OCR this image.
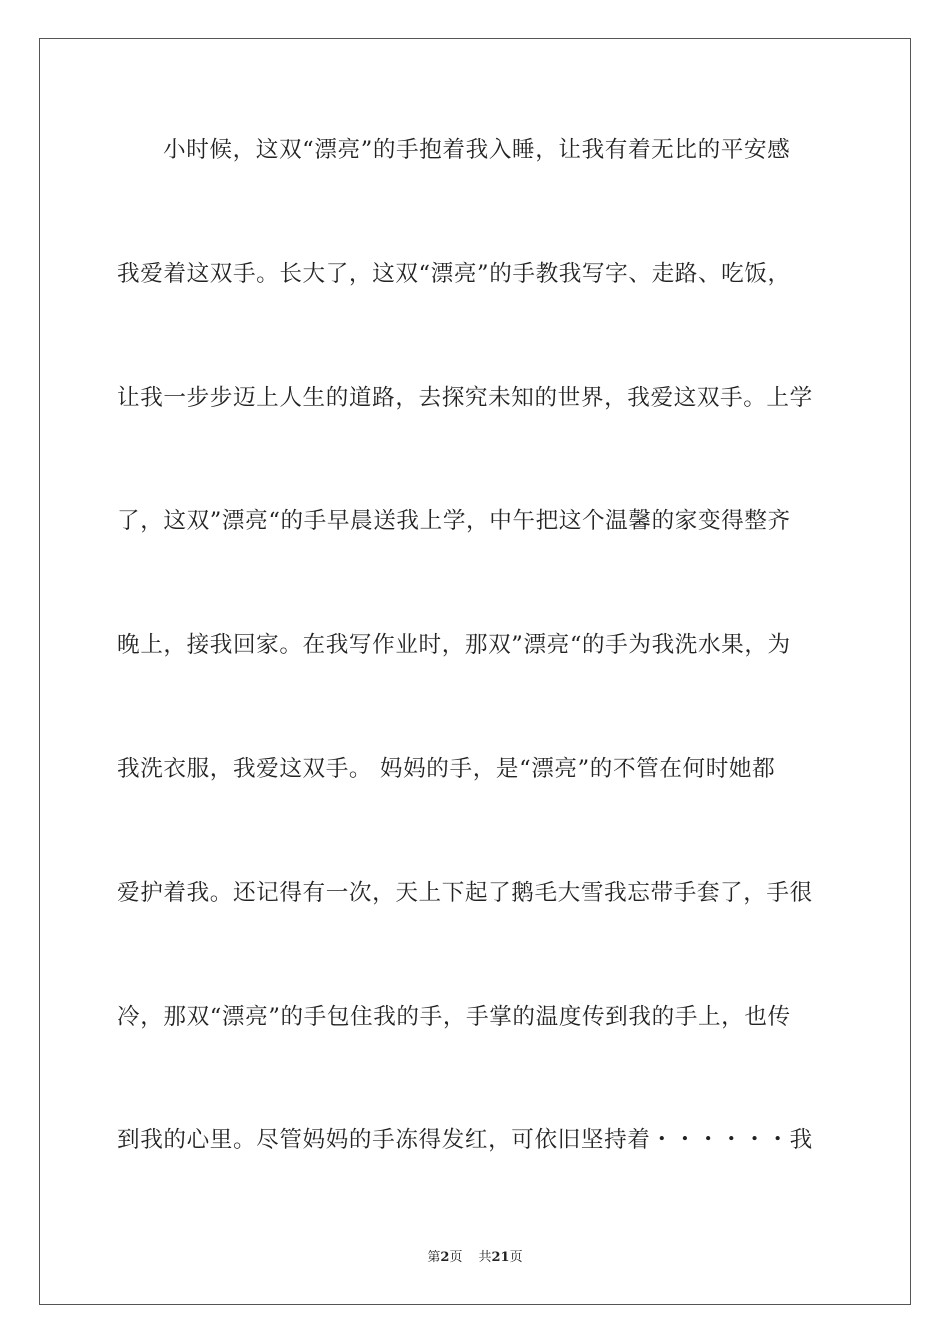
小时候，这双“漂亮”的手抱着我入睡，让我有着无比的平安感
我爱着这双手。长大了，这双“漂亮”的手教我写字、走路、吃饭，
让我一步步迈上人生的道路，去探究未知的世界，我爱这双手。上学
了，这双”漂亮“的手早晨送我上学，中午把这个温馨的家变得整齐
晚上，接我回家。在我写作业时，那双”漂亮“的手为我洗水果，为
我洗衣服，我爱这双手。 妈妈的手，是“漂亮”的不管在何时她都
爱护着我。还记得有一次，天上下起了鹅毛大雪我忘带手套了，手很
冷，那双“漂亮”的手包住我的手，手掌的温度传到我的手上，也传
到我的心里。尽管妈妈的手冻得发红，可依旧坚持着・・・・・・我
第2页 共21页
